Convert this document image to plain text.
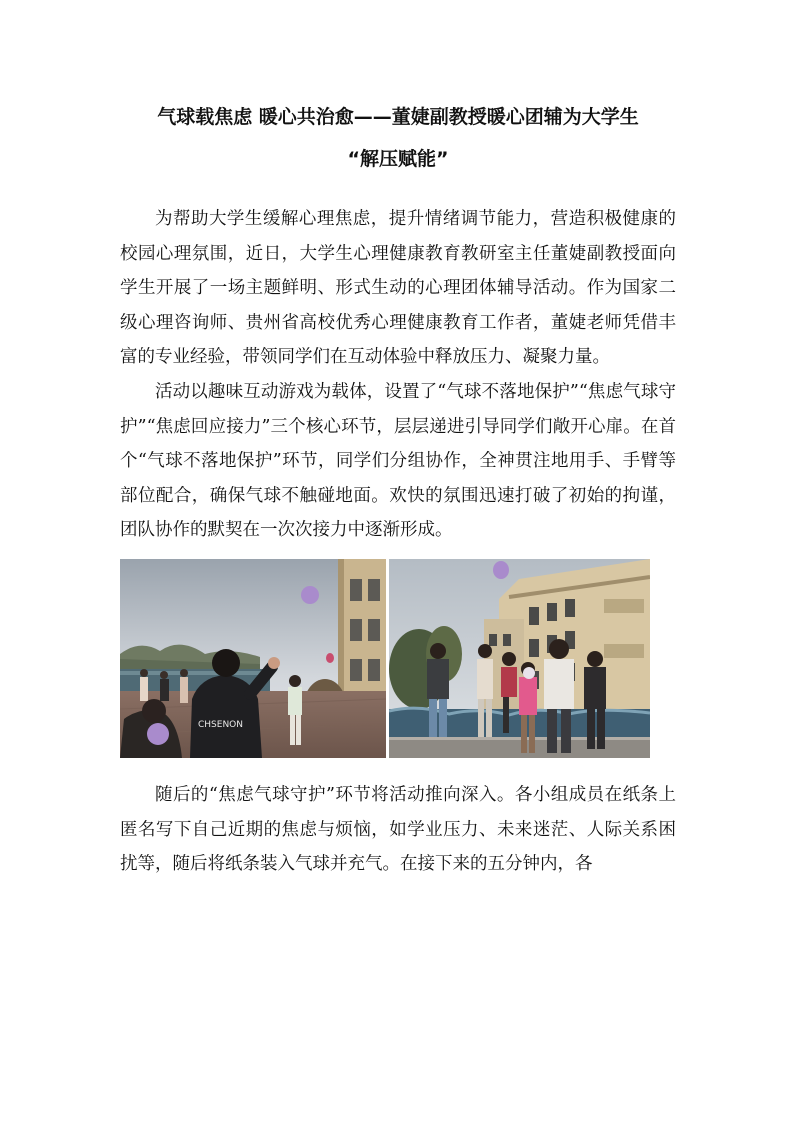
气球载焦虑 暖心共治愈——董婕副教授暖心团辅为大学生
“解压赋能”

为帮助大学生缓解心理焦虑，提升情绪调节能力，营造积极健康的校园心理氛围，近日，大学生心理健康教育教研室主任董婕副教授面向学生开展了一场主题鲜明、形式生动的心理团体辅导活动。作为国家二级心理咨询师、贵州省高校优秀心理健康教育工作者，董婕老师凭借丰富的专业经验，带领同学们在互动体验中释放压力、凝聚力量。

活动以趣味互动游戏为载体，设置了“气球不落地保护”“焦虑气球守护”“焦虑回应接力”三个核心环节，层层递进引导同学们敞开心扉。在首个“气球不落地保护”环节，同学们分组协作，全神贯注地用手、手臂等部位配合，确保气球不触碰地面。欢快的氛围迅速打破了初始的拘谨，团队协作的默契在一次次接力中逐渐形成。

CHSENON

随后的“焦虑气球守护”环节将活动推向深入。各小组成员在纸条上匿名写下自己近期的焦虑与烦恼，如学业压力、未来迷茫、人际关系困扰等，随后将纸条装入气球并充气。在接下来的五分钟内，各
